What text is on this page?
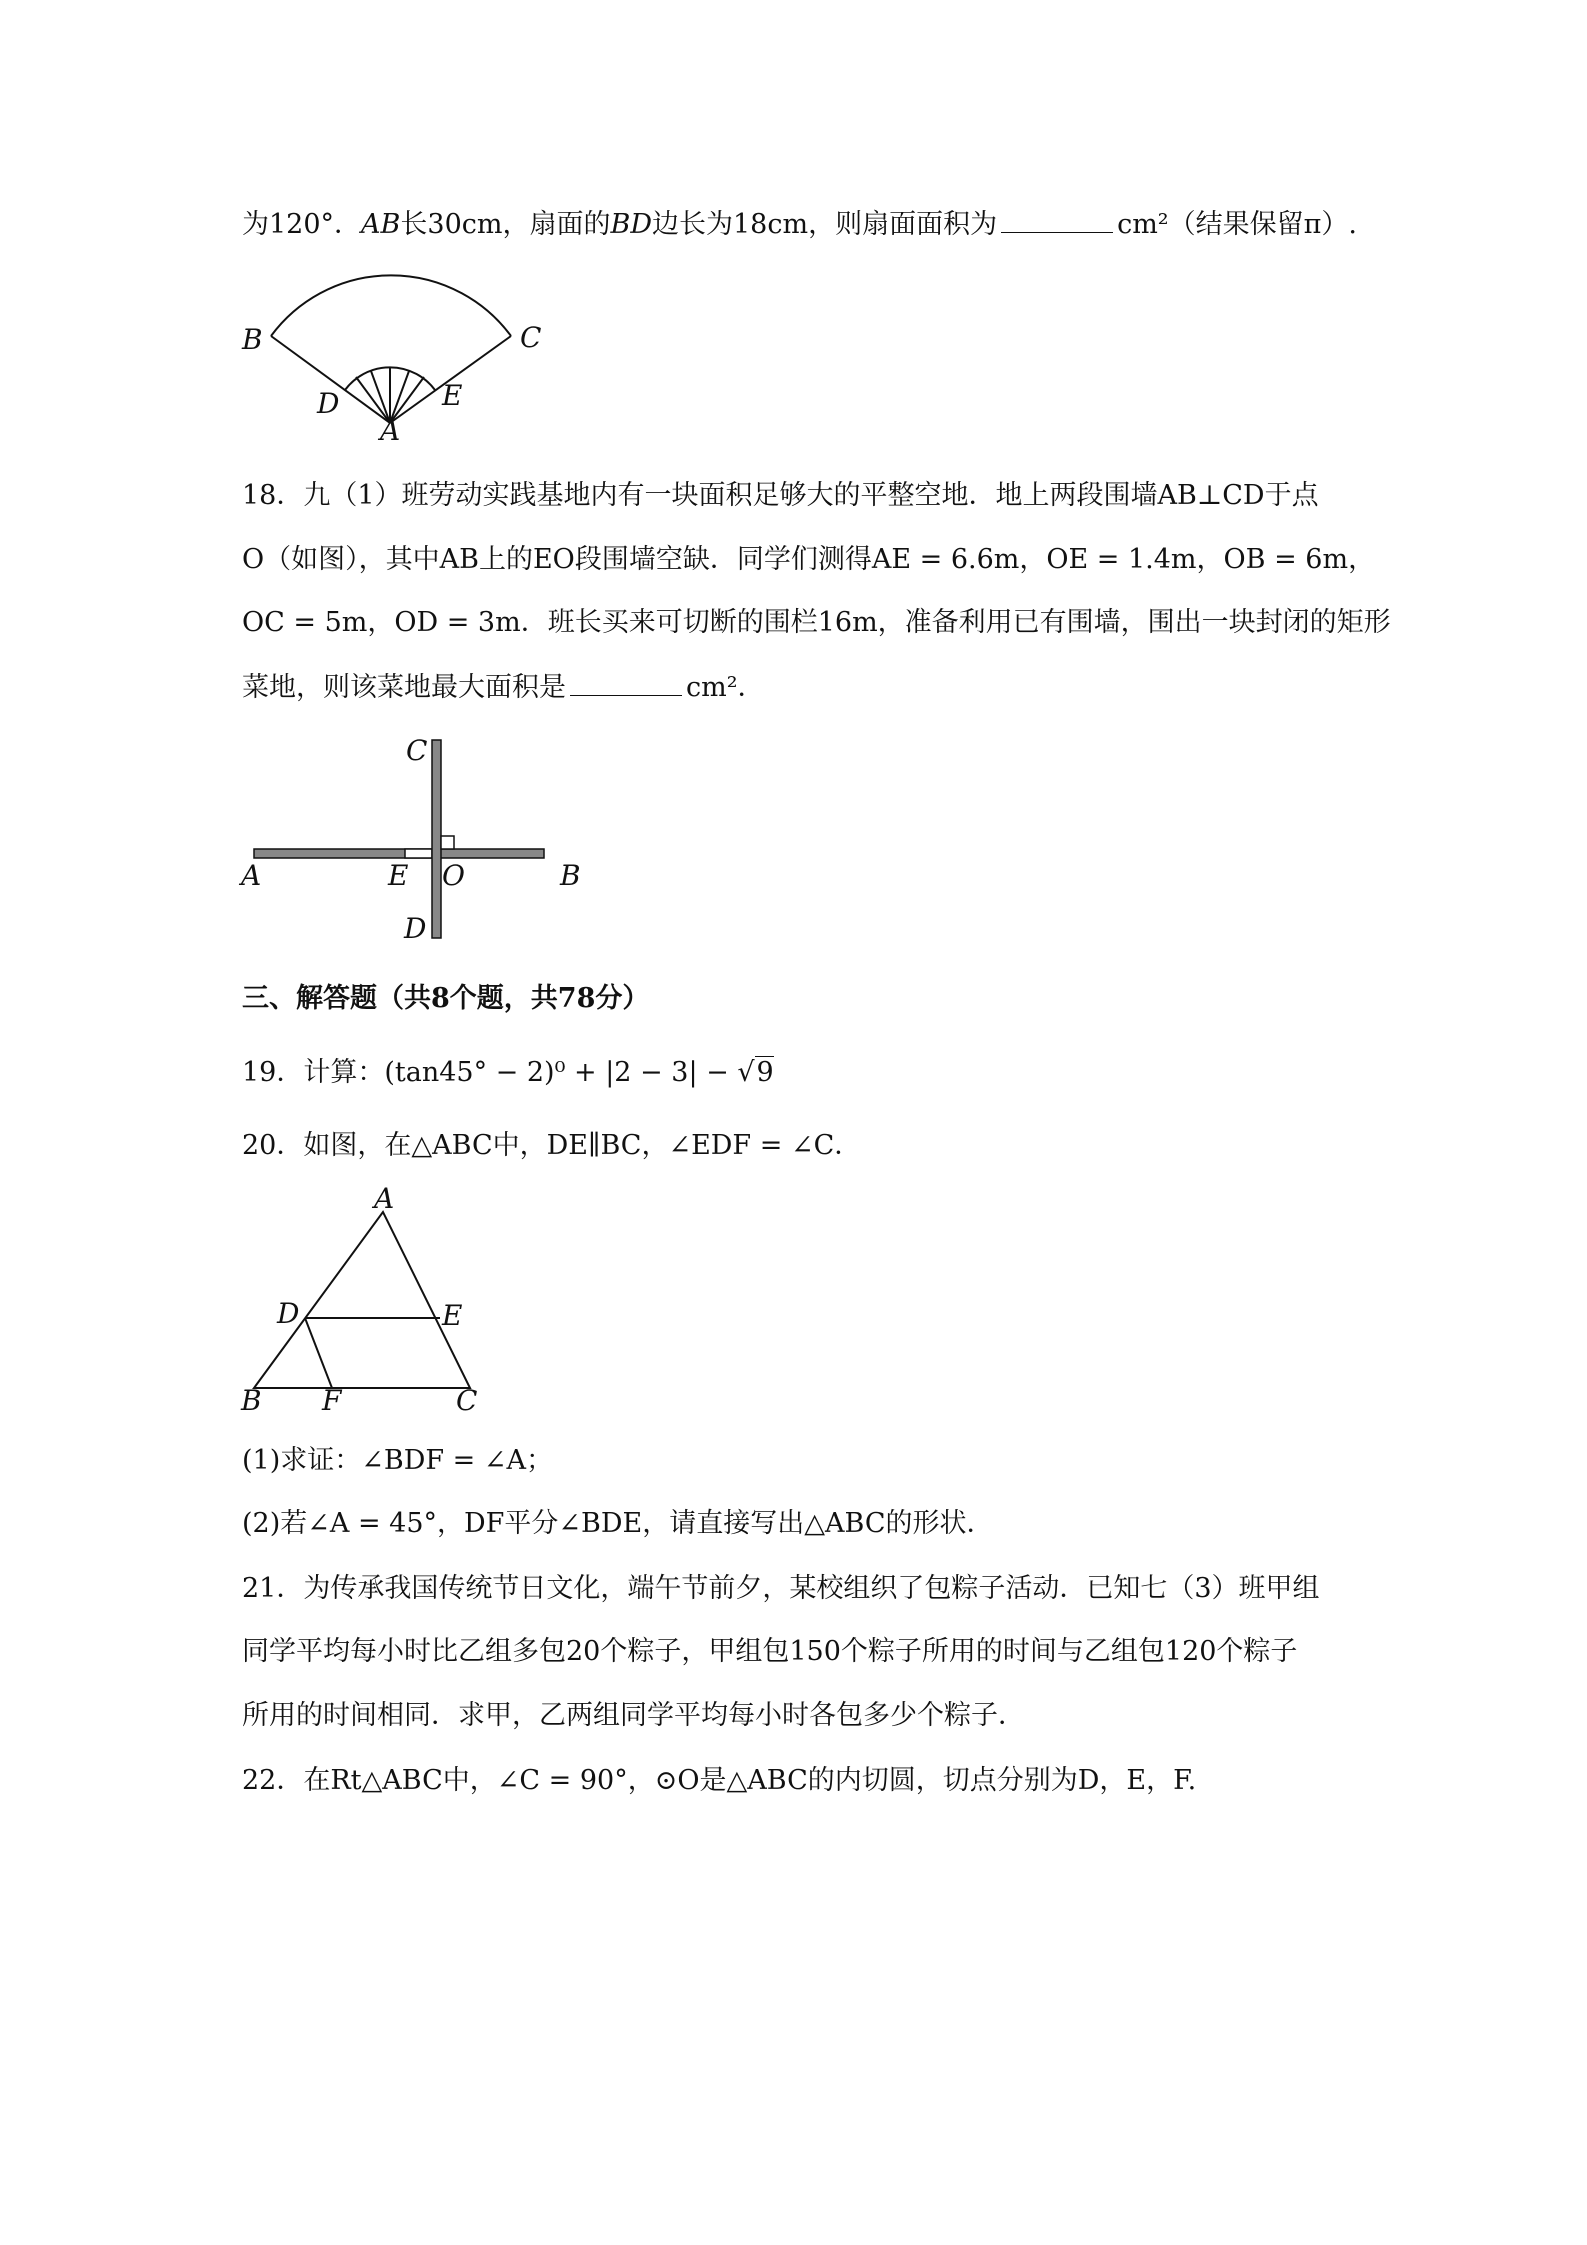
为120°．AB长30cm，扇面的BD边长为18cm，则扇面面积为	cm²（结果保留π）.
B	C
D	E
A
18．九（1）班劳动实践基地内有一块面积足够大的平整空地．地上两段围墙AB⊥CD于点
O（如图），其中AB上的EO段围墙空缺．同学们测得AE = 6.6m，OE = 1.4m，OB = 6m，
OC = 5m，OD = 3m．班长买来可切断的围栏16m，准备利用已有围墙，围出一块封闭的矩形
菜地，则该菜地最大面积是	cm²．
C
A	E O	B
D
三、解答题（共8个题，共78分）
19．计算：(tan45° − 2)⁰ + |2 − 3| − √9
20．如图，在△ABC中，DE∥BC，∠EDF = ∠C．
A
D	E
B F	C
(1)求证：∠BDF = ∠A；
(2)若∠A = 45°，DF平分∠BDE，请直接写出△ABC的形状．
21．为传承我国传统节日文化，端午节前夕，某校组织了包粽子活动．已知七（3）班甲组
同学平均每小时比乙组多包20个粽子，甲组包150个粽子所用的时间与乙组包120个粽子
所用的时间相同．求甲，乙两组同学平均每小时各包多少个粽子．
22．在Rt△ABC中，∠C = 90°，⊙O是△ABC的内切圆，切点分别为D，E，F.
